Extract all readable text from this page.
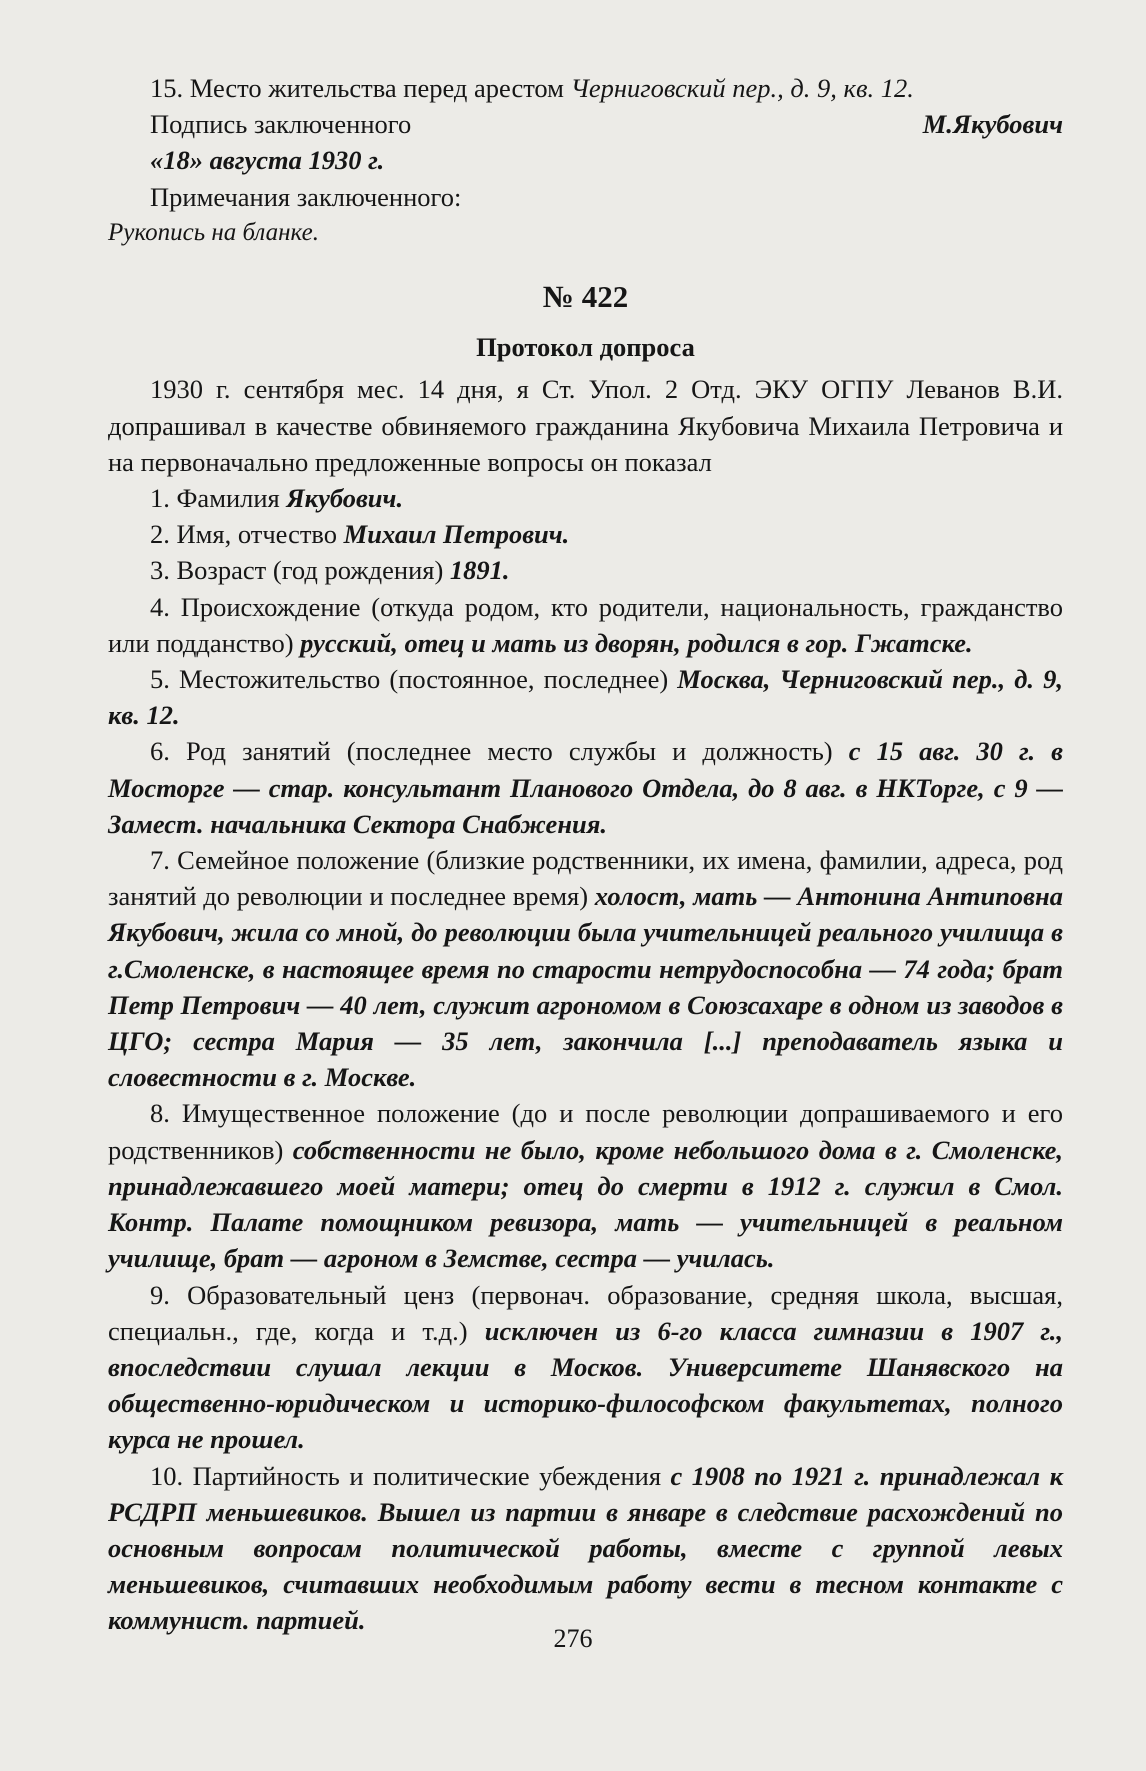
15. Место жительства перед арестом Черниговский пер., д. 9, кв. 12.

Подпись заключенного	М.Якубович

«18» августа 1930 г.

Примечания заключенного:

Рукопись на бланке.

№ 422

Протокол допроса

1930 г. сентября мес. 14 дня, я Ст. Упол. 2 Отд. ЭКУ ОГПУ Леванов В.И. допрашивал в качестве обвиняемого гражданина Якубовича Михаила Петровича и на первоначально предложенные вопросы он показал

1. Фамилия Якубович.

2. Имя, отчество Михаил Петрович.

3. Возраст (год рождения) 1891.

4. Происхождение (откуда родом, кто родители, национальность, гражданство или подданство) русский, отец и мать из дворян, родился в гор. Гжатске.

5. Местожительство (постоянное, последнее) Москва, Черниговский пер., д. 9, кв. 12.

6. Род занятий (последнее место службы и должность) с 15 авг. 30 г. в Мосторге — стар. консультант Планового Отдела, до 8 авг. в НКТорге, с 9 — Замест. начальника Сектора Снабжения.

7. Семейное положение (близкие родственники, их имена, фамилии, адреса, род занятий до революции и последнее время) холост, мать — Антонина Антиповна Якубович, жила со мной, до революции была учительницей реального училища в г.Смоленске, в настоящее время по старости нетрудоспособна — 74 года; брат Петр Петрович — 40 лет, служит агрономом в Союзсахаре в одном из заводов в ЦГО; сестра Мария — 35 лет, закончила [...] преподаватель языка и словестности в г. Москве.

8. Имущественное положение (до и после революции допрашиваемого и его родственников) собственности не было, кроме небольшого дома в г. Смоленске, принадлежавшего моей матери; отец до смерти в 1912 г. служил в Смол. Контр. Палате помощником ревизора, мать — учительницей в реальном училище, брат — агроном в Земстве, сестра — училась.

9. Образовательный ценз (первонач. образование, средняя школа, высшая, специальн., где, когда и т.д.) исключен из 6-го класса гимназии в 1907 г., впоследствии слушал лекции в Москов. Университете Шанявского на общественно-юридическом и историко-философском факультетах, полного курса не прошел.

10. Партийность и политические убеждения с 1908 по 1921 г. принадлежал к РСДРП меньшевиков. Вышел из партии в январе в следствие расхождений по основным вопросам политической работы, вместе с группой левых меньшевиков, считавших необходимым работу вести в тесном контакте с коммунист. партией.

276
